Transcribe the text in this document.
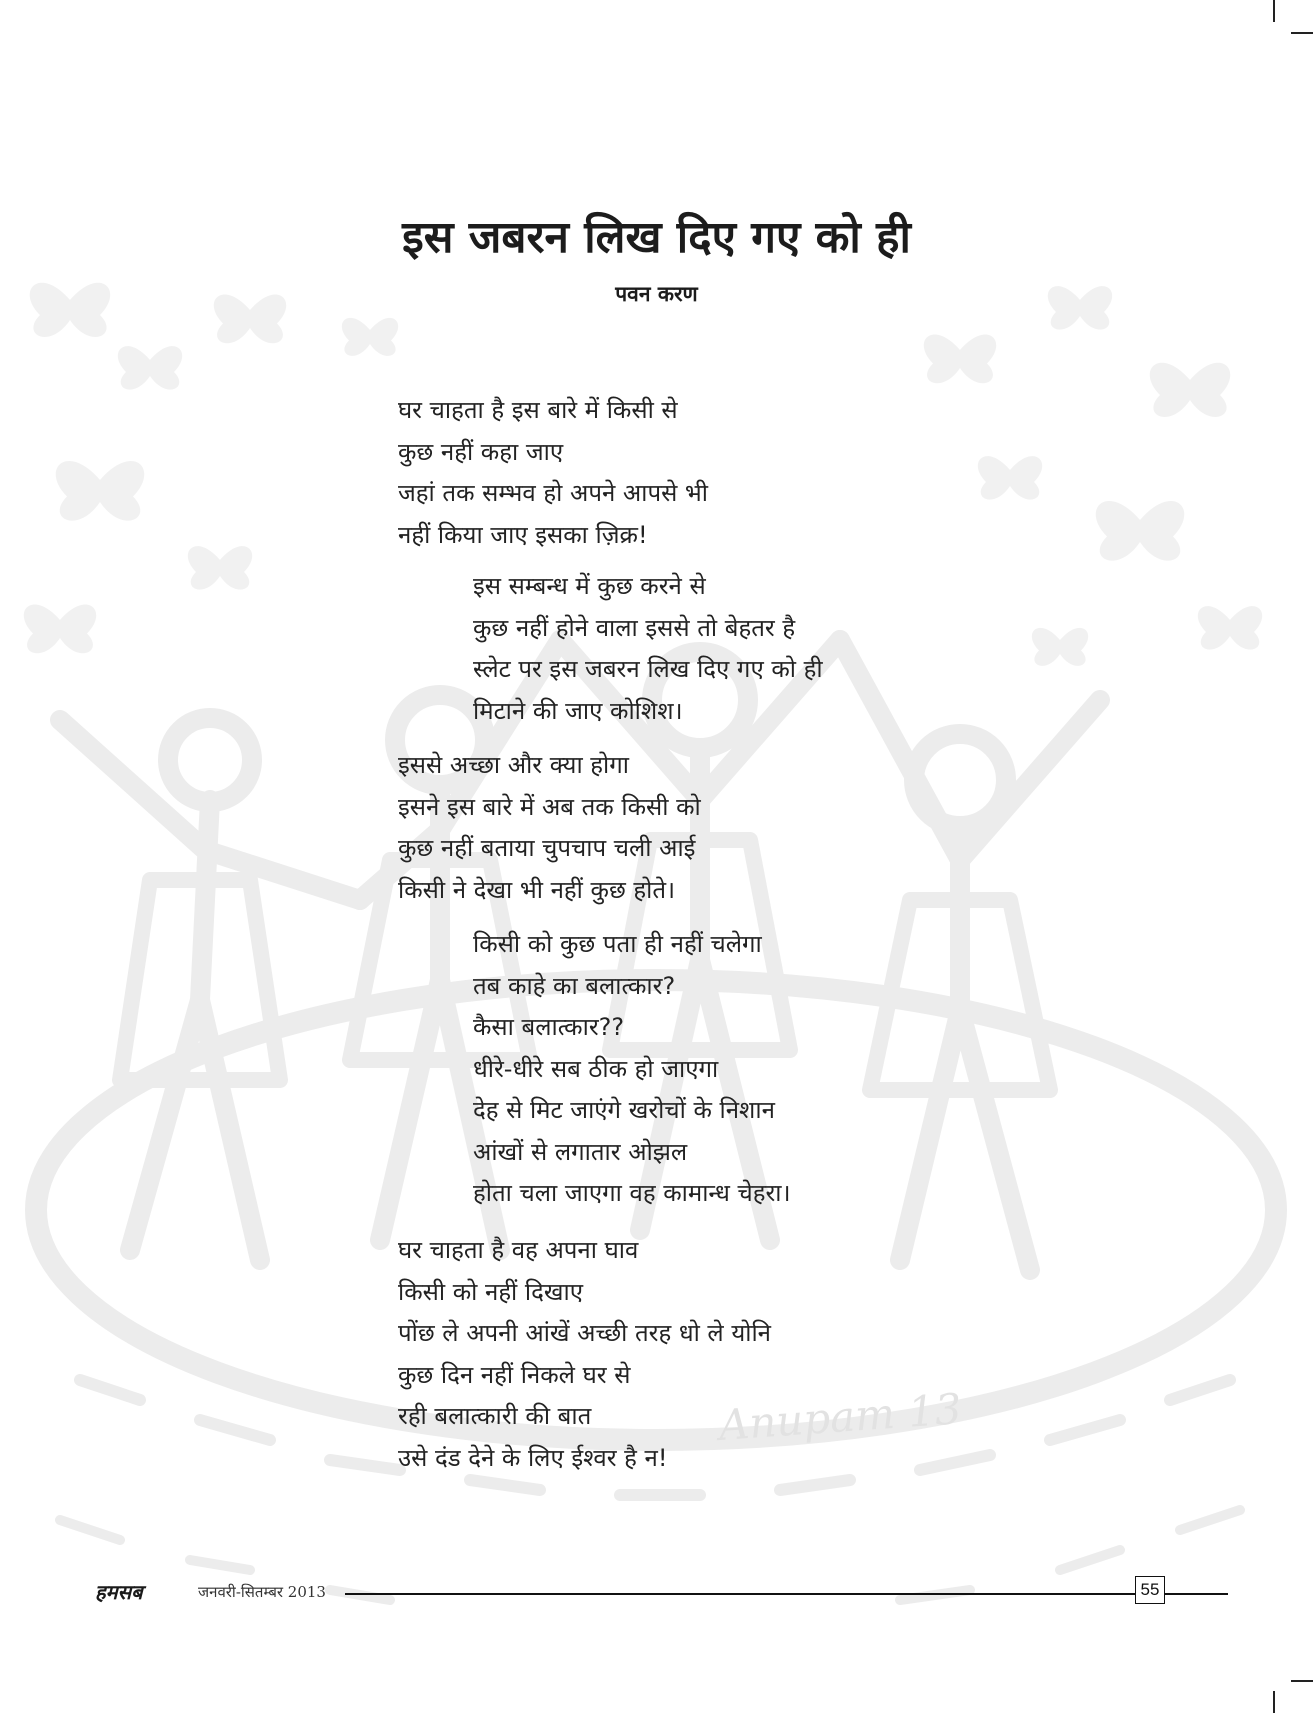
Anupam 13
इस जबरन लिख दिए गए को ही
पवन करण
घर चाहता है इस बारे में किसी से
कुछ नहीं कहा जाए
जहां तक सम्भव हो अपने आपसे भी
नहीं किया जाए इसका ज़िक्र!
इस सम्बन्ध में कुछ करने से
कुछ नहीं होने वाला इससे तो बेहतर है
स्लेट पर इस जबरन लिख दिए गए को ही
मिटाने की जाए कोशिश।
इससे अच्छा और क्या होगा
इसने इस बारे में अब तक किसी को
कुछ नहीं बताया चुपचाप चली आई
किसी ने देखा भी नहीं कुछ होते।
किसी को कुछ पता ही नहीं चलेगा
तब काहे का बलात्कार?
कैसा बलात्कार??
धीरे-धीरे सब ठीक हो जाएगा
देह से मिट जाएंगे खरोचों के निशान
आंखों से लगातार ओझल
होता चला जाएगा वह कामान्ध चेहरा।
घर चाहता है वह अपना घाव
किसी को नहीं दिखाए
पोंछ ले अपनी आंखें अच्छी तरह धो ले योनि
कुछ दिन नहीं निकले घर से
रही बलात्कारी की बात
उसे दंड देने के लिए ईश्वर है न!
हमसब	जनवरी-सितम्बर 2013	55
